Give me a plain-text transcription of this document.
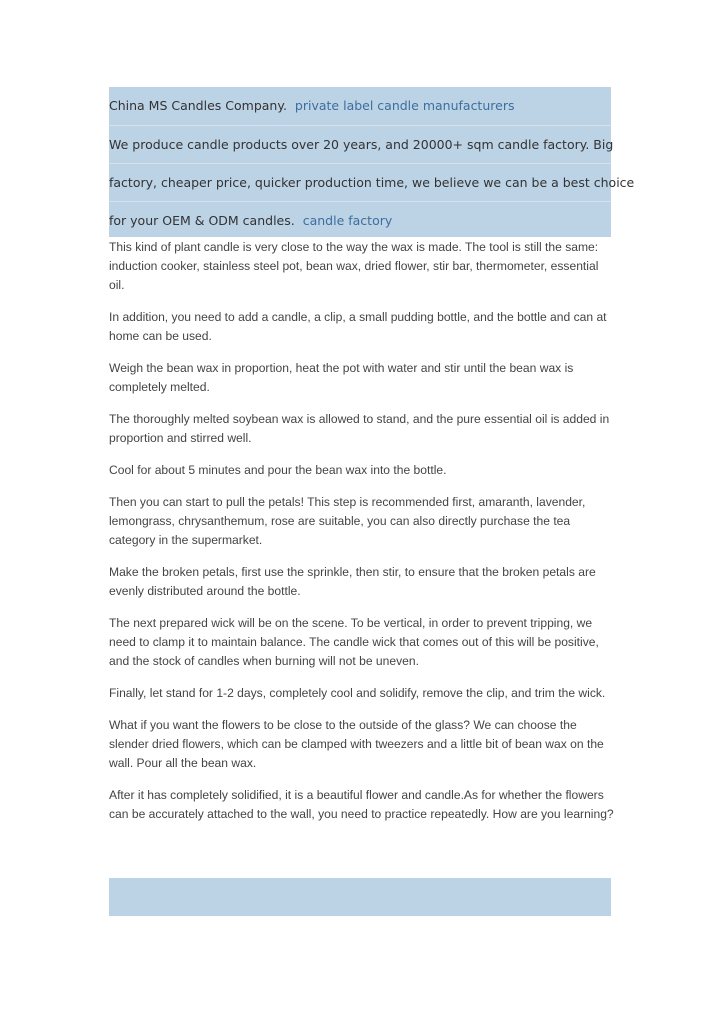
China MS Candles Company. private label candle manufacturers
We produce candle products over 20 years, and 20000+ sqm candle factory. Big
factory, cheaper price, quicker production time, we believe we can be a best choice
for your OEM & ODM candles. candle factory

This kind of plant candle is very close to the way the wax is made. The tool is still the same: induction cooker, stainless steel pot, bean wax, dried flower, stir bar, thermometer, essential oil.

In addition, you need to add a candle, a clip, a small pudding bottle, and the bottle and can at home can be used.

Weigh the bean wax in proportion, heat the pot with water and stir until the bean wax is completely melted.

The thoroughly melted soybean wax is allowed to stand, and the pure essential oil is added in proportion and stirred well.

Cool for about 5 minutes and pour the bean wax into the bottle.

Then you can start to pull the petals! This step is recommended first, amaranth, lavender, lemongrass, chrysanthemum, rose are suitable, you can also directly purchase the tea category in the supermarket.

Make the broken petals, first use the sprinkle, then stir, to ensure that the broken petals are evenly distributed around the bottle.

The next prepared wick will be on the scene. To be vertical, in order to prevent tripping, we need to clamp it to maintain balance. The candle wick that comes out of this will be positive, and the stock of candles when burning will not be uneven.

Finally, let stand for 1-2 days, completely cool and solidify, remove the clip, and trim the wick.

What if you want the flowers to be close to the outside of the glass? We can choose the slender dried flowers, which can be clamped with tweezers and a little bit of bean wax on the wall. Pour all the bean wax.

After it has completely solidified, it is a beautiful flower and candle.As for whether the flowers can be accurately attached to the wall, you need to practice repeatedly. How are you learning?
